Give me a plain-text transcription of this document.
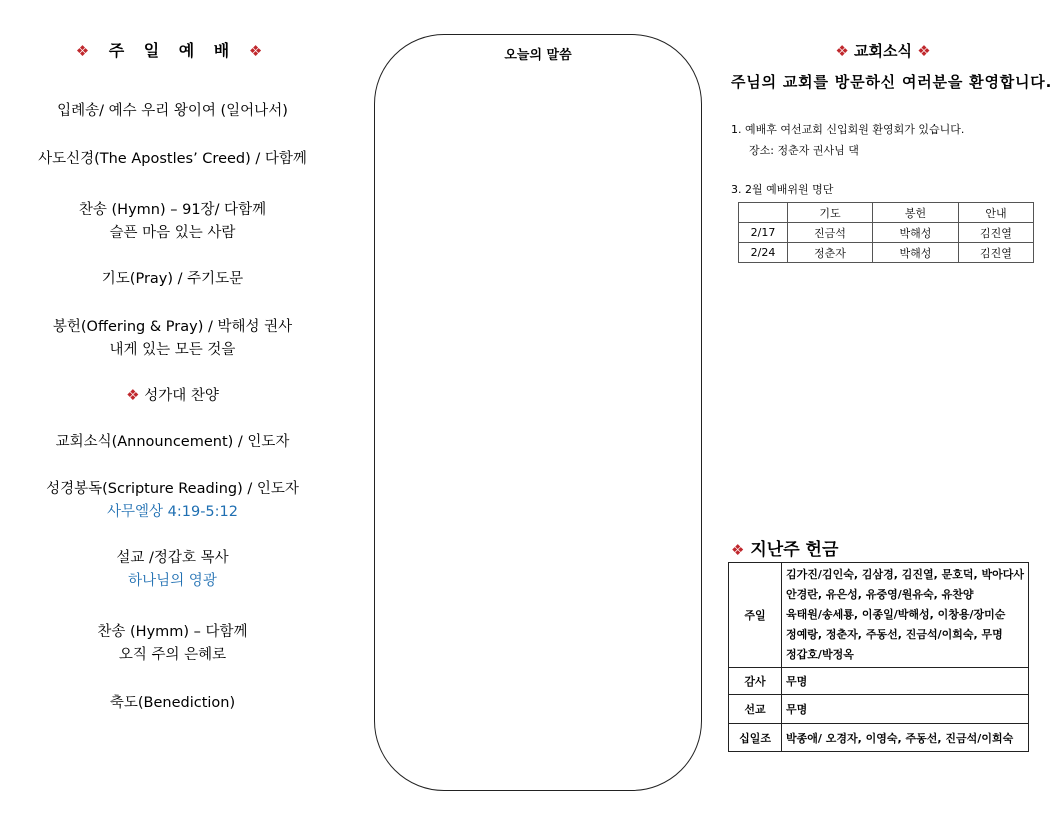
❖ 주 일 예 배 ❖
입례송/ 예수 우리 왕이여 (일어나서)
사도신경(The Apostles’ Creed) / 다함께
찬송 (Hymn) – 91장/ 다함께
슬픈 마음 있는 사람
기도(Pray) / 주기도문
봉헌(Offering & Pray) / 박해성 권사
내게 있는 모든 것을
❖ 성가대 찬양
교회소식(Announcement) / 인도자
성경봉독(Scripture Reading) / 인도자
사무엘상 4:19-5:12
설교 /정갑호 목사
하나님의 영광
찬송 (Hymm) – 다함께
오직 주의 은혜로
축도(Benediction)
오늘의 말씀	❖ 교회소식 ❖
주님의 교회를 방문하신 여러분을 환영합니다.
1. 예배후 여선교회 신입회원 환영회가 있습니다.
장소: 정춘자 권사님 댁
3. 2월 예배위원 명단
	기도	봉헌	안내
2/17	진금석	박해성	김진열
2/24	정춘자	박해성	김진열
❖ 지난주 헌금
주일	김가진/김인숙, 김삼경, 김진열, 문호덕, 박아다사
안경란, 유은성, 유중영/원유숙, 유찬양
육태원/송세룡, 이종일/박해성, 이창용/장미순
정예랑, 정춘자, 주동선, 진금석/이희숙, 무명
정갑호/박정옥

감사	무명
선교	무명
십일조	박종애/ 오경자, 이영숙, 주동선, 진금석/이희숙
